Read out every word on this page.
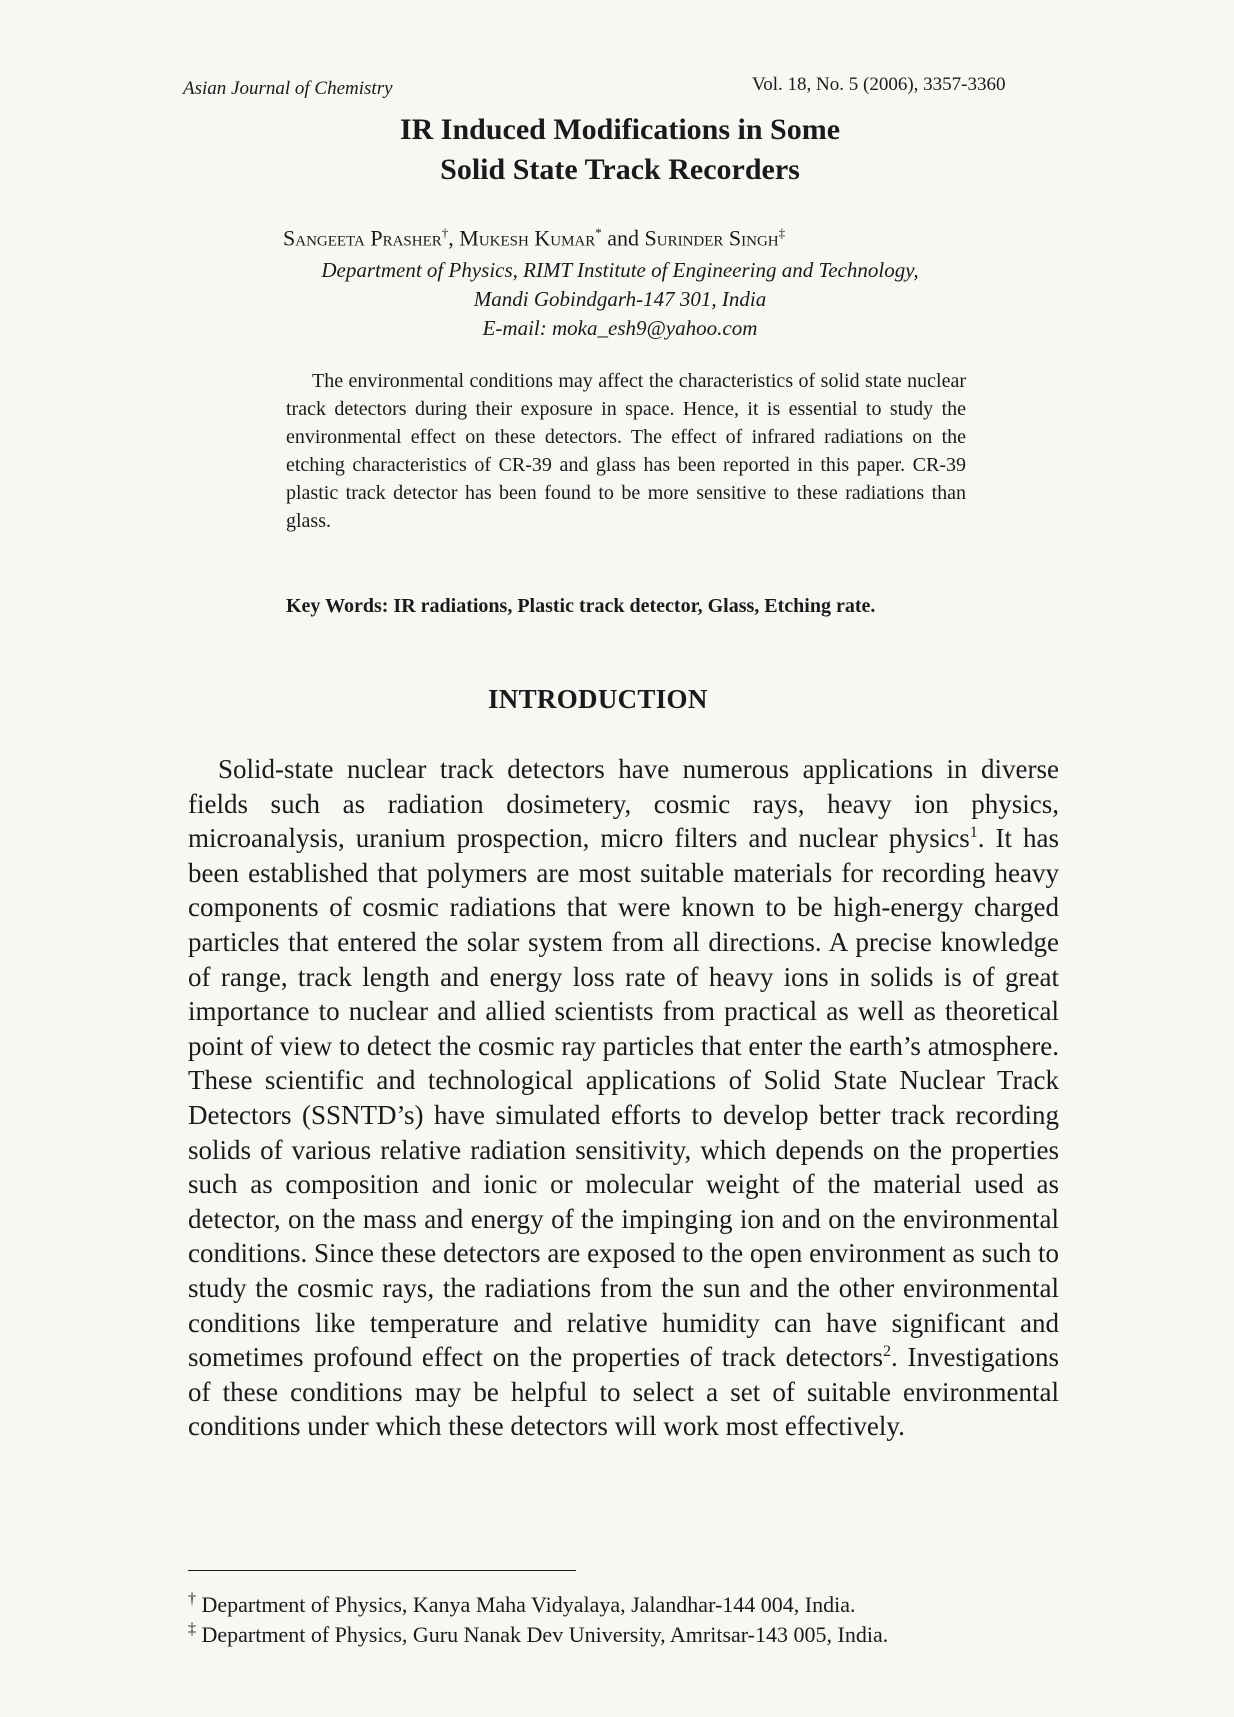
Asian Journal of Chemistry	Vol. 18, No. 5 (2006), 3357-3360
IR Induced Modifications in Some
Solid State Track Recorders
Sangeeta Prasher†, Mukesh Kumar* and Surinder Singh‡
Department of Physics, RIMT Institute of Engineering and Technology,
Mandi Gobindgarh-147 301, India
E-mail: moka_esh9@yahoo.com
The environmental conditions may affect the characteristics of solid state nuclear track detectors during their exposure in space. Hence, it is essential to study the environmental effect on these detectors. The effect of infrared radiations on the etching characteristics of CR-39 and glass has been reported in this paper. CR-39 plastic track detector has been found to be more sensitive to these radiations than glass.
Key Words: IR radiations, Plastic track detector, Glass, Etching rate.
INTRODUCTION
Solid-state nuclear track detectors have numerous applications in diverse fields such as radiation dosimetery, cosmic rays, heavy ion physics, microanalysis, uranium prospection, micro filters and nuclear physics$^1$. It has been established that polymers are most suitable materials for recording heavy components of cosmic radiations that were known to be high-energy charged particles that entered the solar system from all directions. A precise knowledge of range, track length and energy loss rate of heavy ions in solids is of great importance to nuclear and allied scientists from practical as well as theoretical point of view to detect the cosmic ray particles that enter the earth’s atmosphere. These scientific and technological applications of Solid State Nuclear Track Detectors (SSNTD’s) have simulated efforts to develop better track recording solids of various relative radiation sensitivity, which depends on the properties such as composition and ionic or molecular weight of the material used as detector, on the mass and energy of the impinging ion and on the environmental conditions. Since these detectors are exposed to the open environment as such to study the cosmic rays, the radiations from the sun and the other environmental conditions like temperature and relative humidity can have significant and sometimes profound effect on the properties of track detectors$^2$. Investigations of these conditions may be helpful to select a set of suitable environmental conditions under which these detectors will work most effectively.
† Department of Physics, Kanya Maha Vidyalaya, Jalandhar-144 004, India.
‡ Department of Physics, Guru Nanak Dev University, Amritsar-143 005, India.
